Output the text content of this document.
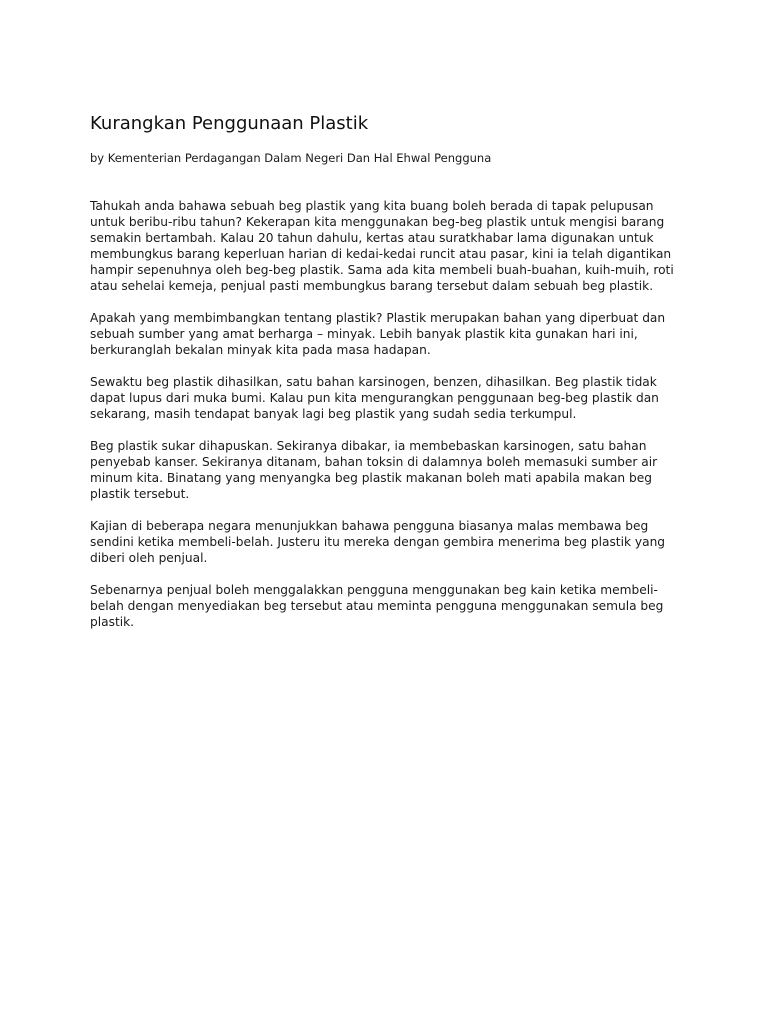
Kurangkan Penggunaan Plastik
by Kementerian Perdagangan Dalam Negeri Dan Hal Ehwal Pengguna

Tahukah anda bahawa sebuah beg plastik yang kita buang boleh berada di tapak pelupusan untuk beribu-ribu tahun? Kekerapan kita menggunakan beg-beg plastik untuk mengisi barang semakin bertambah. Kalau 20 tahun dahulu, kertas atau suratkhabar lama digunakan untuk membungkus barang keperluan harian di kedai-kedai runcit atau pasar, kini ia telah digantikan hampir sepenuhnya oleh beg-beg plastik. Sama ada kita membeli buah-buahan, kuih-muih, roti atau sehelai kemeja, penjual pasti membungkus barang tersebut dalam sebuah beg plastik.

Apakah yang membimbangkan tentang plastik? Plastik merupakan bahan yang diperbuat dan sebuah sumber yang amat berharga – minyak. Lebih banyak plastik kita gunakan hari ini, berkuranglah bekalan minyak kita pada masa hadapan.

Sewaktu beg plastik dihasilkan, satu bahan karsinogen, benzen, dihasilkan. Beg plastik tidak dapat lupus dari muka bumi. Kalau pun kita mengurangkan penggunaan beg-beg plastik dan sekarang, masih tendapat banyak lagi beg plastik yang sudah sedia terkumpul.

Beg plastik sukar dihapuskan. Sekiranya dibakar, ia membebaskan karsinogen, satu bahan penyebab kanser. Sekiranya ditanam, bahan toksin di dalamnya boleh memasuki sumber air minum kita. Binatang yang menyangka beg plastik makanan boleh mati apabila makan beg plastik tersebut.

Kajian di beberapa negara menunjukkan bahawa pengguna biasanya malas membawa beg sendini ketika membeli-belah. Justeru itu mereka dengan gembira menerima beg plastik yang diberi oleh penjual.

Sebenarnya penjual boleh menggalakkan pengguna menggunakan beg kain ketika membeli-belah dengan menyediakan beg tersebut atau meminta pengguna menggunakan semula beg plastik.
